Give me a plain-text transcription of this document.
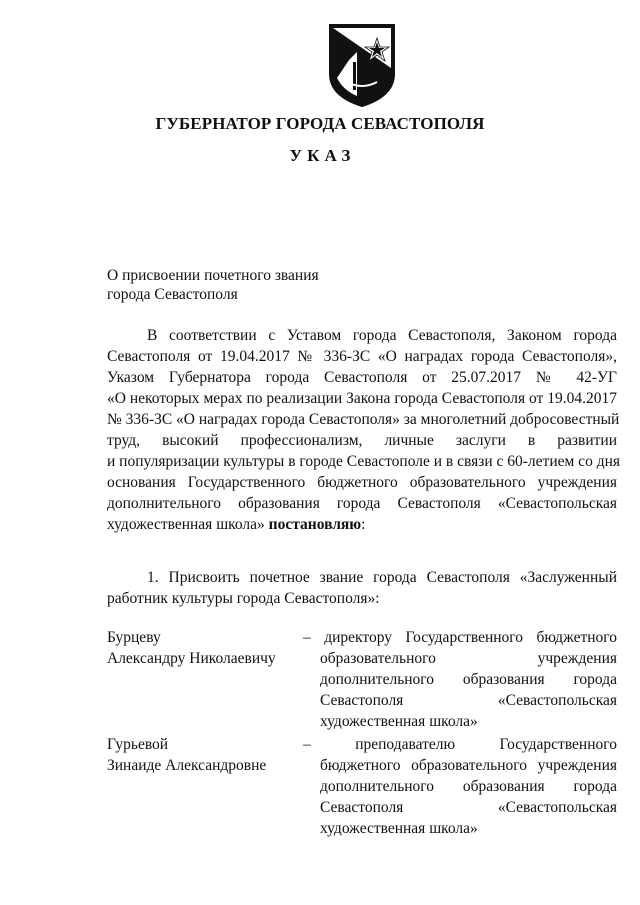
ГУБЕРНАТОР ГОРОДА СЕВАСТОПОЛЯ
УКАЗ
О присвоении почетного звания
города Севастополя
В соответствии с Уставом города Севастополя, Законом города
Севастополя от 19.04.2017 № 336-ЗС «О наградах города Севастополя»,
Указом Губернатора города Севастополя от 25.07.2017 № 42-УГ
«О некоторых мерах по реализации Закона города Севастополя от 19.04.2017
№ 336-ЗС «О наградах города Севастополя» за многолетний добросовестный
труд, высокий профессионализм, личные заслуги в развитии
и популяризации культуры в городе Севастополе и в связи с 60-летием со дня
основания Государственного бюджетного образовательного учреждения
дополнительного образования города Севастополя «Севастопольская
художественная школа» постановляю:
1. Присвоить почетное звание города Севастополя «Заслуженный
работник культуры города Севастополя»:
Бурцеву
Александру Николаевичу
– директору Государственного бюджетного
образовательного учреждения
дополнительного образования города
Севастополя «Севастопольская
художественная школа»
Гурьевой
Зинаиде Александровне
– преподавателю Государственного
бюджетного образовательного учреждения
дополнительного образования города
Севастополя «Севастопольская
художественная школа»
